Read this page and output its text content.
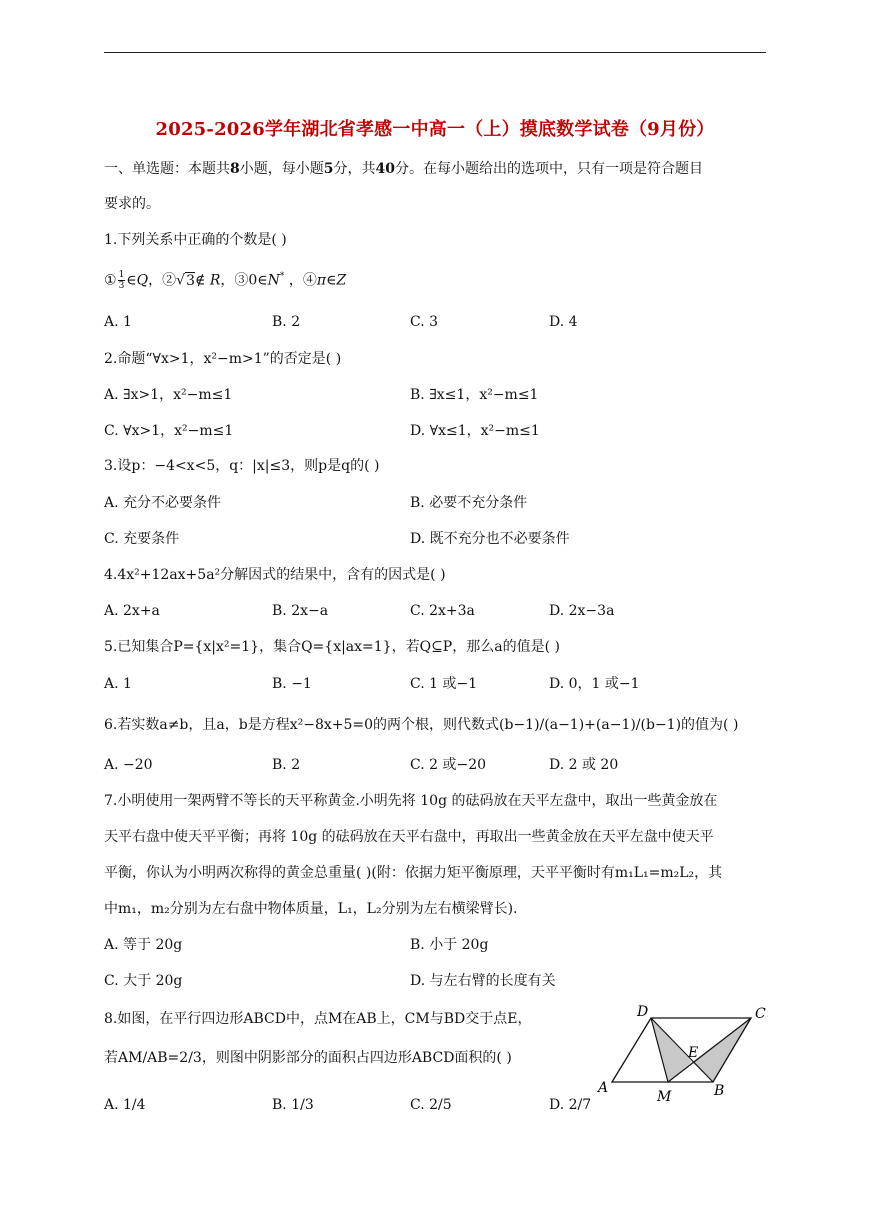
2025-2026学年湖北省孝感一中高一（上）摸底数学试卷（9月份）
一、单选题：本题共8小题，每小题5分，共40分。在每小题给出的选项中，只有一项是符合题目
要求的。
1.下列关系中正确的个数是( )
① $\frac{1}{3}$ ∈Q，②√3∉ R，③0∈N* ，④π∈Z
A. 1	B. 2	C. 3	D. 4
2.命题“∀x>1，x²−m>1”的否定是( )
A. ∃x>1，x²−m≤1	B. ∃x≤1，x²−m≤1
C. ∀x>1，x²−m≤1	D. ∀x≤1，x²−m≤1
3.设p：−4<x<5，q：|x|≤3，则p是q的( )
A. 充分不必要条件	B. 必要不充分条件
C. 充要条件	D. 既不充分也不必要条件
4.4x²+12ax+5a²分解因式的结果中，含有的因式是( )
A. 2x+a	B. 2x−a	C. 2x+3a	D. 2x−3a
5.已知集合P={x|x²=1}，集合Q={x|ax=1}，若Q⊆P，那么a的值是( )
A. 1	B. −1	C. 1 或−1	D. 0，1 或−1
6.若实数a≠b，且a，b是方程x²−8x+5=0的两个根，则代数式(b−1)/(a−1)+(a−1)/(b−1)的值为( )
A. −20	B. 2	C. 2 或−20	D. 2 或 20
7.小明使用一架两臂不等长的天平称黄金.小明先将 10g 的砝码放在天平左盘中，取出一些黄金放在
天平右盘中使天平平衡；再将 10g 的砝码放在天平右盘中，再取出一些黄金放在天平左盘中使天平
平衡，你认为小明两次称得的黄金总重量( )(附：依据力矩平衡原理，天平平衡时有m₁L₁=m₂L₂，其
中m₁，m₂分别为左右盘中物体质量，L₁，L₂分别为左右横梁臂长).
A. 等于 20g	B. 小于 20g
C. 大于 20g	D. 与左右臂的长度有关
8.如图，在平行四边形ABCD中，点M在AB上，CM与BD交于点E，
若AM/AB=2/3，则图中阴影部分的面积占四边形ABCD面积的( )
A. 1/4	B. 1/3	C. 2/5	D. 2/7
D	C
E
A
M	B
